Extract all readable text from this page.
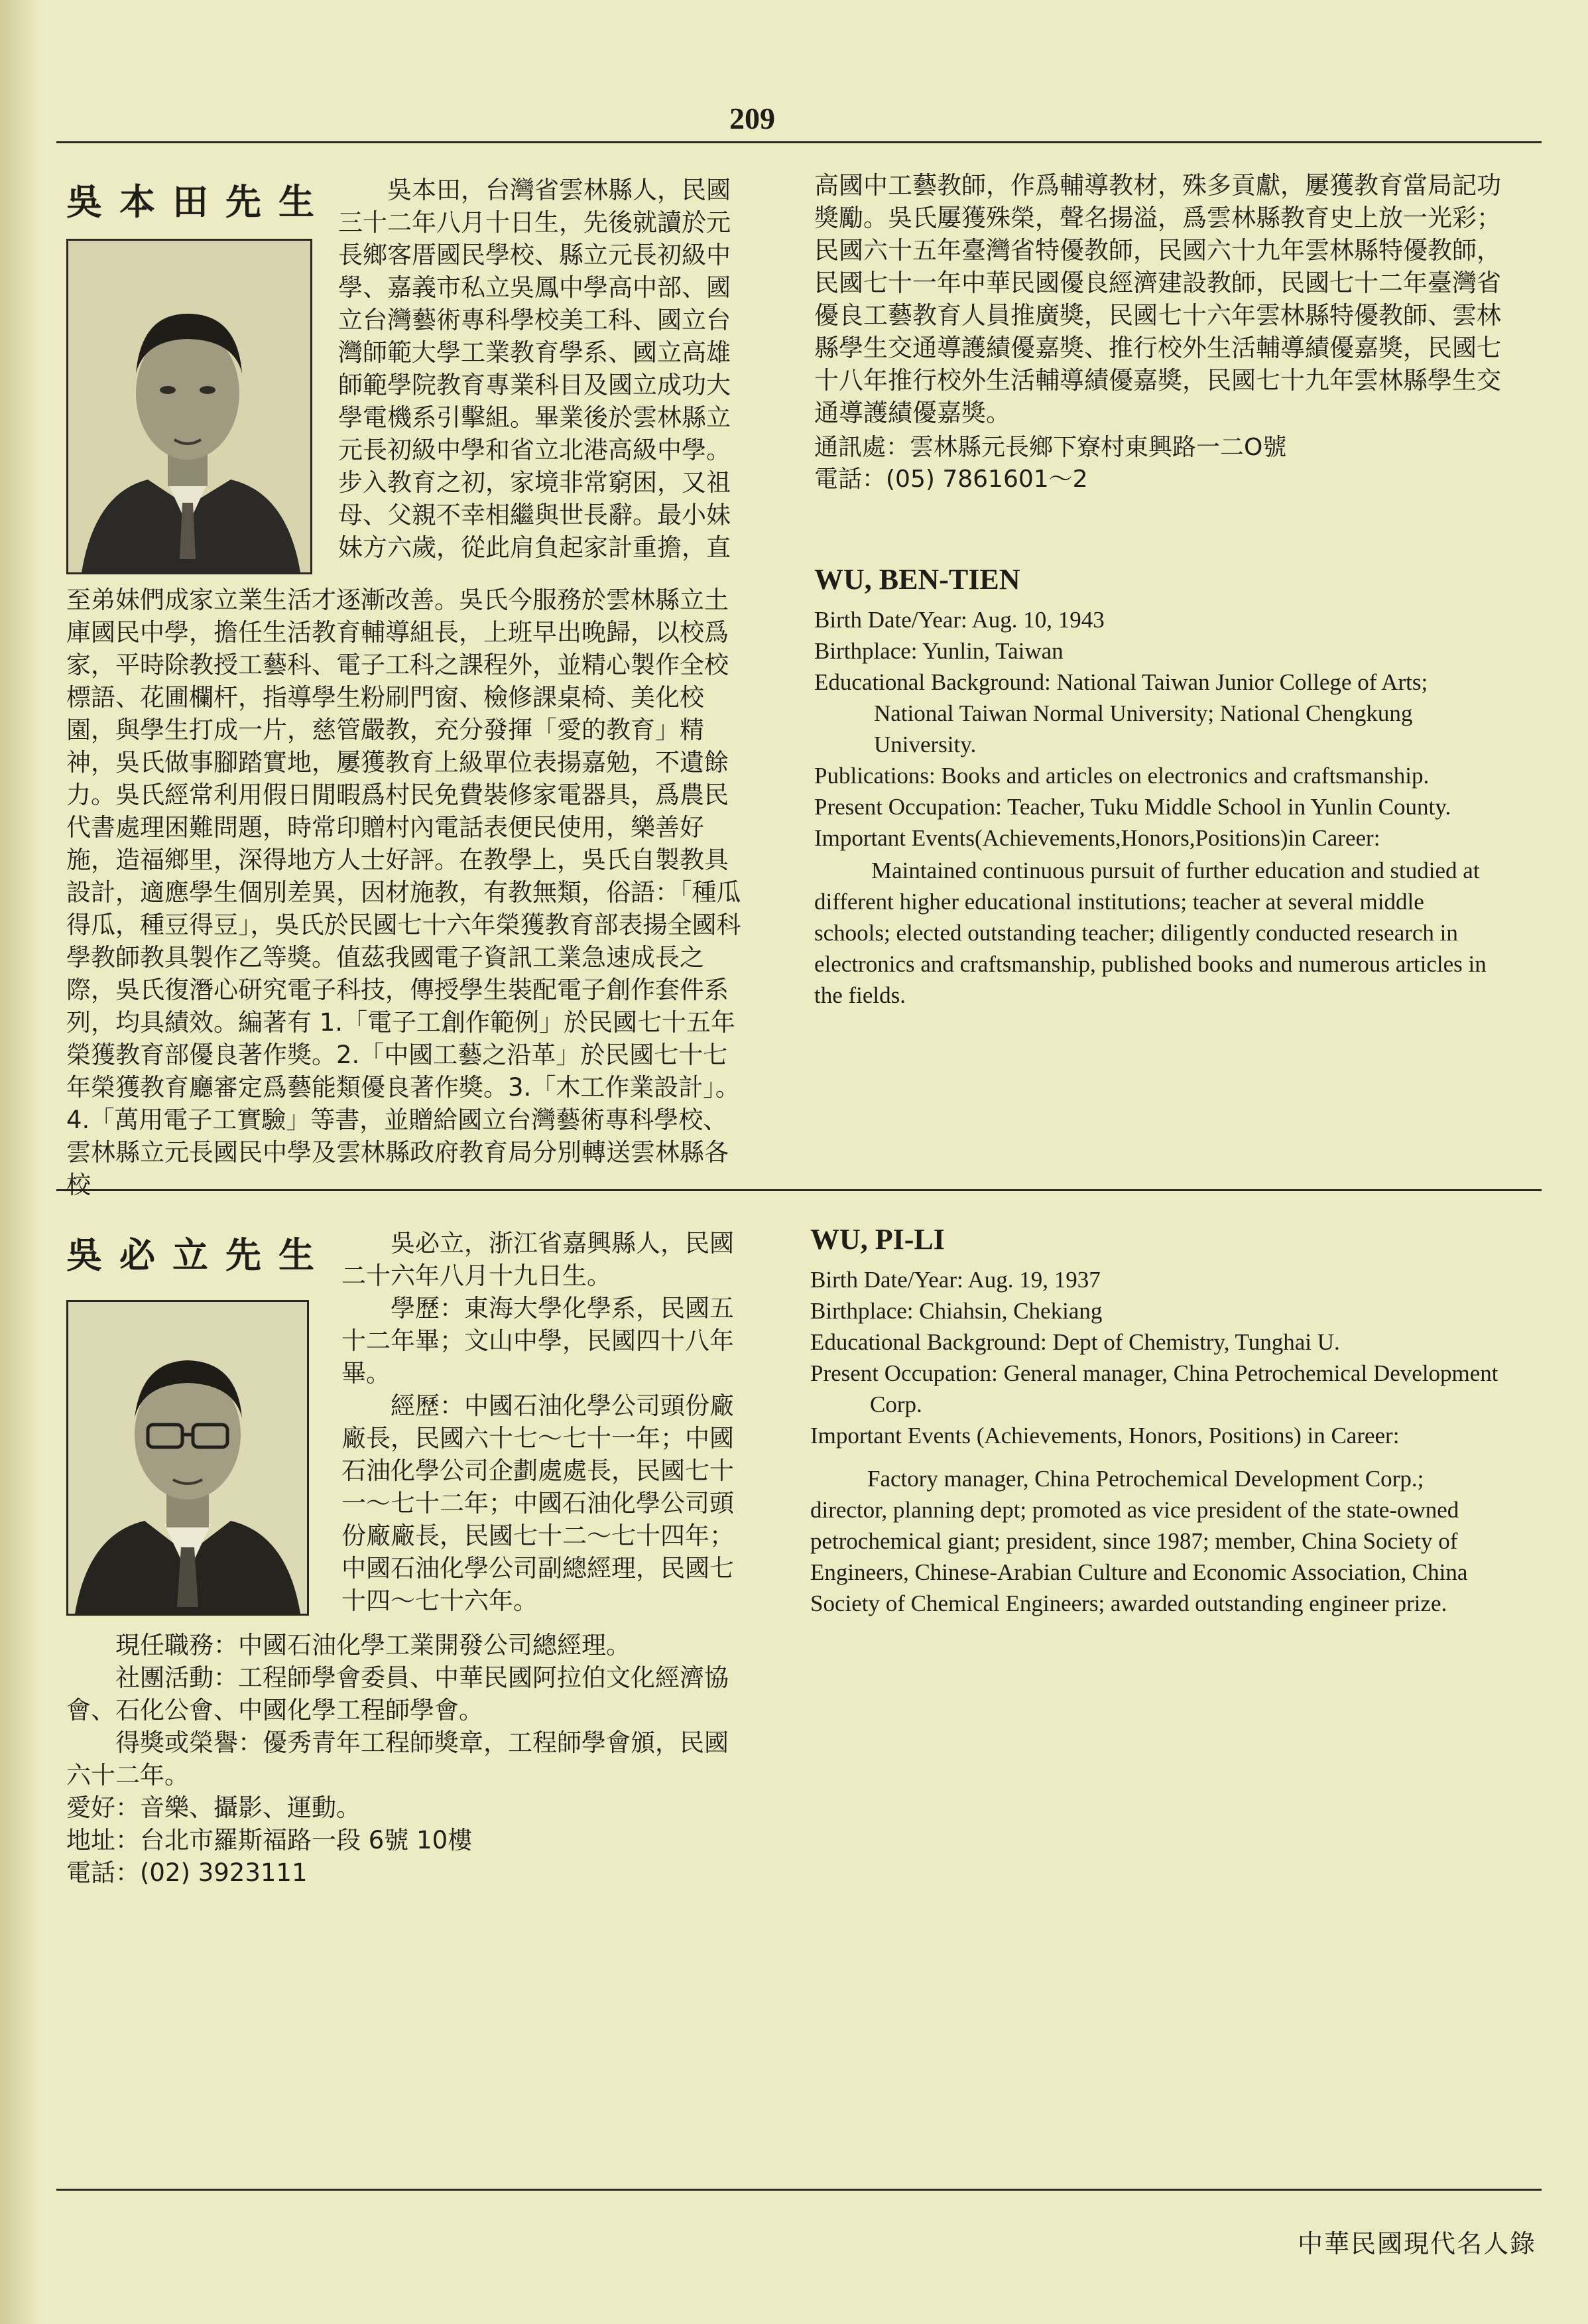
209
中華民國現代名人錄
吳本田先生	吳本田，台灣省雲林縣人，民國三十二年八月十日生，先後就讀於元長鄉客厝國民學校、縣立元長初級中學、嘉義市私立吳鳳中學高中部、國立台灣藝術專科學校美工科、國立台灣師範大學工業教育學系、國立高雄師範學院教育專業科目及國立成功大學電機系引擊組。畢業後於雲林縣立元長初級中學和省立北港高級中學。步入教育之初，家境非常窮困，又祖母、父親不幸相繼與世長辭。最小妹妹方六歲，從此肩負起家計重擔，直

至弟妹們成家立業生活才逐漸改善。吳氏今服務於雲林縣立土庫國民中學，擔任生活教育輔導組長，上班早出晚歸，以校爲家，平時除教授工藝科、電子工科之課程外，並精心製作全校標語、花圃欄杆，指導學生粉刷門窗、檢修課桌椅、美化校園，與學生打成一片，慈管嚴教，充分發揮「愛的教育」精神，吳氏做事腳踏實地，屢獲教育上級單位表揚嘉勉，不遺餘力。吳氏經常利用假日閒暇爲村民免費裝修家電器具，爲農民代書處理困難問題，時常印贈村內電話表便民使用，樂善好施，造福鄉里，深得地方人士好評。在教學上，吳氏自製教具設計，適應學生個別差異，因材施教，有教無類，俗語：「種瓜得瓜，種豆得豆」，吳氏於民國七十六年榮獲教育部表揚全國科學教師教具製作乙等獎。值茲我國電子資訊工業急速成長之際，吳氏復潛心研究電子科技，傳授學生裝配電子創作套件系列，均具績效。編著有 1.「電子工創作範例」於民國七十五年榮獲教育部優良著作獎。2.「中國工藝之沿革」於民國七十七年榮獲教育廳審定爲藝能類優良著作獎。3.「木工作業設計」。4.「萬用電子工實驗」等書，並贈給國立台灣藝術專科學校、雲林縣立元長國民中學及雲林縣政府教育局分別轉送雲林縣各校

高國中工藝教師，作爲輔導教材，殊多貢獻，屢獲教育當局記功獎勵。吳氏屢獲殊榮，聲名揚溢，爲雲林縣教育史上放一光彩；民國六十五年臺灣省特優教師，民國六十九年雲林縣特優教師，民國七十一年中華民國優良經濟建設教師，民國七十二年臺灣省優良工藝教育人員推廣獎，民國七十六年雲林縣特優教師、雲林縣學生交通導護績優嘉獎、推行校外生活輔導績優嘉獎，民國七十八年推行校外生活輔導績優嘉獎，民國七十九年雲林縣學生交通導護績優嘉獎。

通訊處：雲林縣元長鄉下寮村東興路一二O號
電話：(05) 7861601～2
WU, BEN-TIEN
Birth Date/Year: Aug. 10, 1943
Birthplace: Yunlin, Taiwan
Educational Background: National Taiwan Junior College of Arts; National Taiwan Normal University; National Chengkung University.
Publications: Books and articles on electronics and craftsmanship.
Present Occupation: Teacher, Tuku Middle School in Yunlin County.
Important Events(Achievements,Honors,Positions)in Career:
Maintained continuous pursuit of further education and studied at different higher educational institutions; teacher at several middle schools; elected outstanding teacher; diligently conducted research in electronics and craftsmanship, published books and numerous articles in the fields.
吳必立先生	吳必立，浙江省嘉興縣人，民國二十六年八月十九日生。

學歷：東海大學化學系，民國五十二年畢；文山中學，民國四十八年畢。

經歷：中國石油化學公司頭份廠廠長，民國六十七～七十一年；中國石油化學公司企劃處處長，民國七十一～七十二年；中國石油化學公司頭份廠廠長，民國七十二～七十四年；中國石油化學公司副總經理，民國七十四～七十六年。

現任職務：中國石油化學工業開發公司總經理。

社團活動：工程師學會委員、中華民國阿拉伯文化經濟協會、石化公會、中國化學工程師學會。

得獎或榮譽：優秀青年工程師獎章，工程師學會頒，民國六十二年。

愛好：音樂、攝影、運動。

地址：台北市羅斯福路一段 6號 10樓

電話：(02) 3923111

WU, PI-LI
Birth Date/Year: Aug. 19, 1937
Birthplace: Chiahsin, Chekiang
Educational Background: Dept of Chemistry, Tunghai U.
Present Occupation: General manager, China Petrochemical Development Corp.
Important Events (Achievements, Honors, Positions) in Career:
Factory manager, China Petrochemical Development Corp.; director, planning dept; promoted as vice president of the state-owned petrochemical giant; president, since 1987; member, China Society of Engineers, Chinese-Arabian Culture and Economic Association, China Society of Chemical Engineers; awarded outstanding engineer prize.
